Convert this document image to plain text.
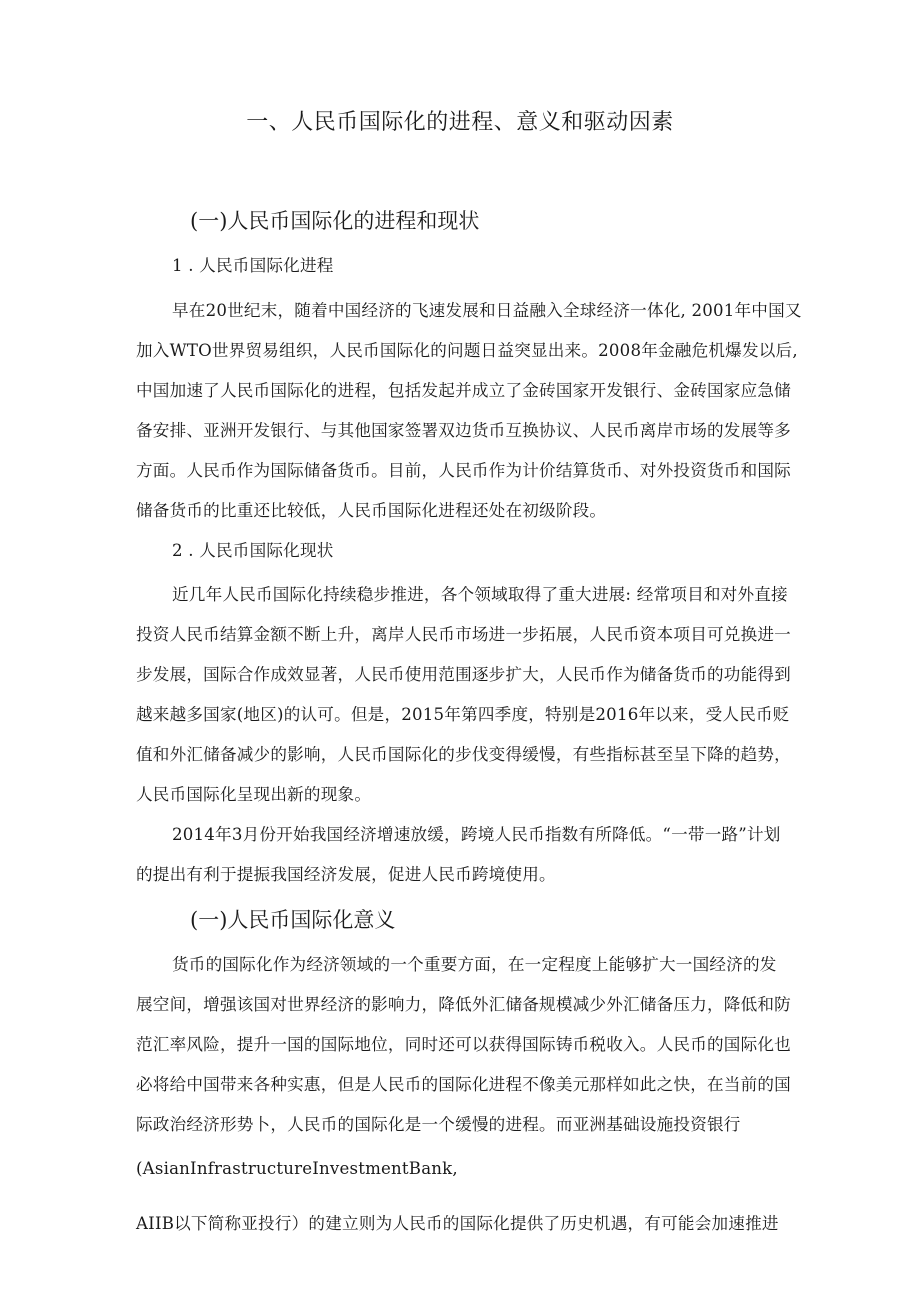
一、人民币国际化的进程、意义和驱动因素
(一)人民币国际化的进程和现状
1 . 人民币国际化进程
早在20世纪末，随着中国经济的飞速发展和日益融入全球经济一体化, 2001年中国又
加入WTO世界贸易组织，人民币国际化的问题日益突显出来。2008年金融危机爆发以后,
中国加速了人民币国际化的进程，包括发起并成立了金砖国家开发银行、金砖国家应急储
备安排、亚洲开发银行、与其他国家签署双边货币互换协议、人民币离岸市场的发展等多
方面。人民币作为国际储备货币。目前，人民币作为计价结算货币、对外投资货币和国际
储备货币的比重还比较低，人民币国际化进程还处在初级阶段。
2 . 人民币国际化现状
近几年人民币国际化持续稳步推进，各个领域取得了重大进展: 经常项目和对外直接
投资人民币结算金额不断上升，离岸人民币市场进一步拓展，人民币资本项目可兑换进一
步发展，国际合作成效显著，人民币使用范围逐步扩大，人民币作为储备货币的功能得到
越来越多国家(地区)的认可。但是，2015年第四季度，特别是2016年以来，受人民币贬
值和外汇储备减少的影响，人民币国际化的步伐变得缓慢，有些指标甚至呈下降的趋势，
人民币国际化呈现出新的现象。
2014年3月份开始我国经济增速放缓，跨境人民币指数有所降低。“一带一路”计划
的提出有利于提振我国经济发展，促进人民币跨境使用。
(一)人民币国际化意义
货币的国际化作为经济领域的一个重要方面，在一定程度上能够扩大一国经济的发
展空间，增强该国对世界经济的影响力，降低外汇储备规模减少外汇储备压力，降低和防
范汇率风险，提升一国的国际地位，同时还可以获得国际铸币税收入。人民币的国际化也
必将给中国带来各种实惠，但是人民币的国际化进程不像美元那样如此之快，在当前的国
际政治经济形势卜，人民币的国际化是一个缓慢的进程。而亚洲基础设施投资银行
(AsianInfrastructureInvestmentBank,
AIIB以下简称亚投行）的建立则为人民币的国际化提供了历史机遇，有可能会加速推进
